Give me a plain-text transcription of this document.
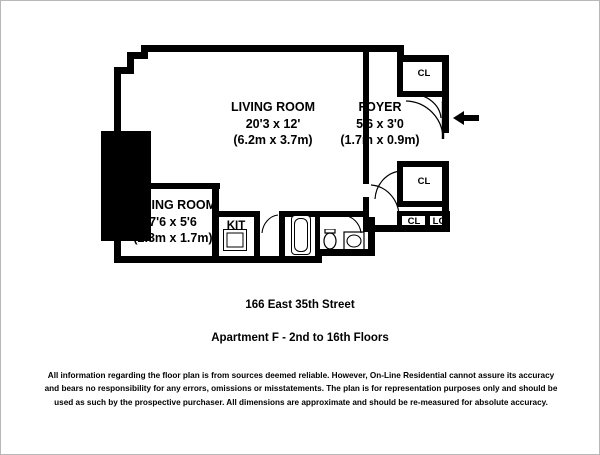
LIVING ROOM
20'3 x 12'
(6.2m x 3.7m)
FOYER
5'6 x 3'0
(1.7m x 0.9m)
DINING ROOM
7'6 x 5'6
(2.3m x 1.7m)
KIT
CL
CL
CL	LC
166 East 35th Street
Apartment F - 2nd to 16th Floors
All information regarding the floor plan is from sources deemed reliable. However, On-Line Residential cannot assure its accuracy
and bears no responsibility for any errors, omissions or misstatements. The plan is for representation purposes only and should be
used as such by the prospective purchaser. All dimensions are approximate and should be re-measured for absolute accuracy.
